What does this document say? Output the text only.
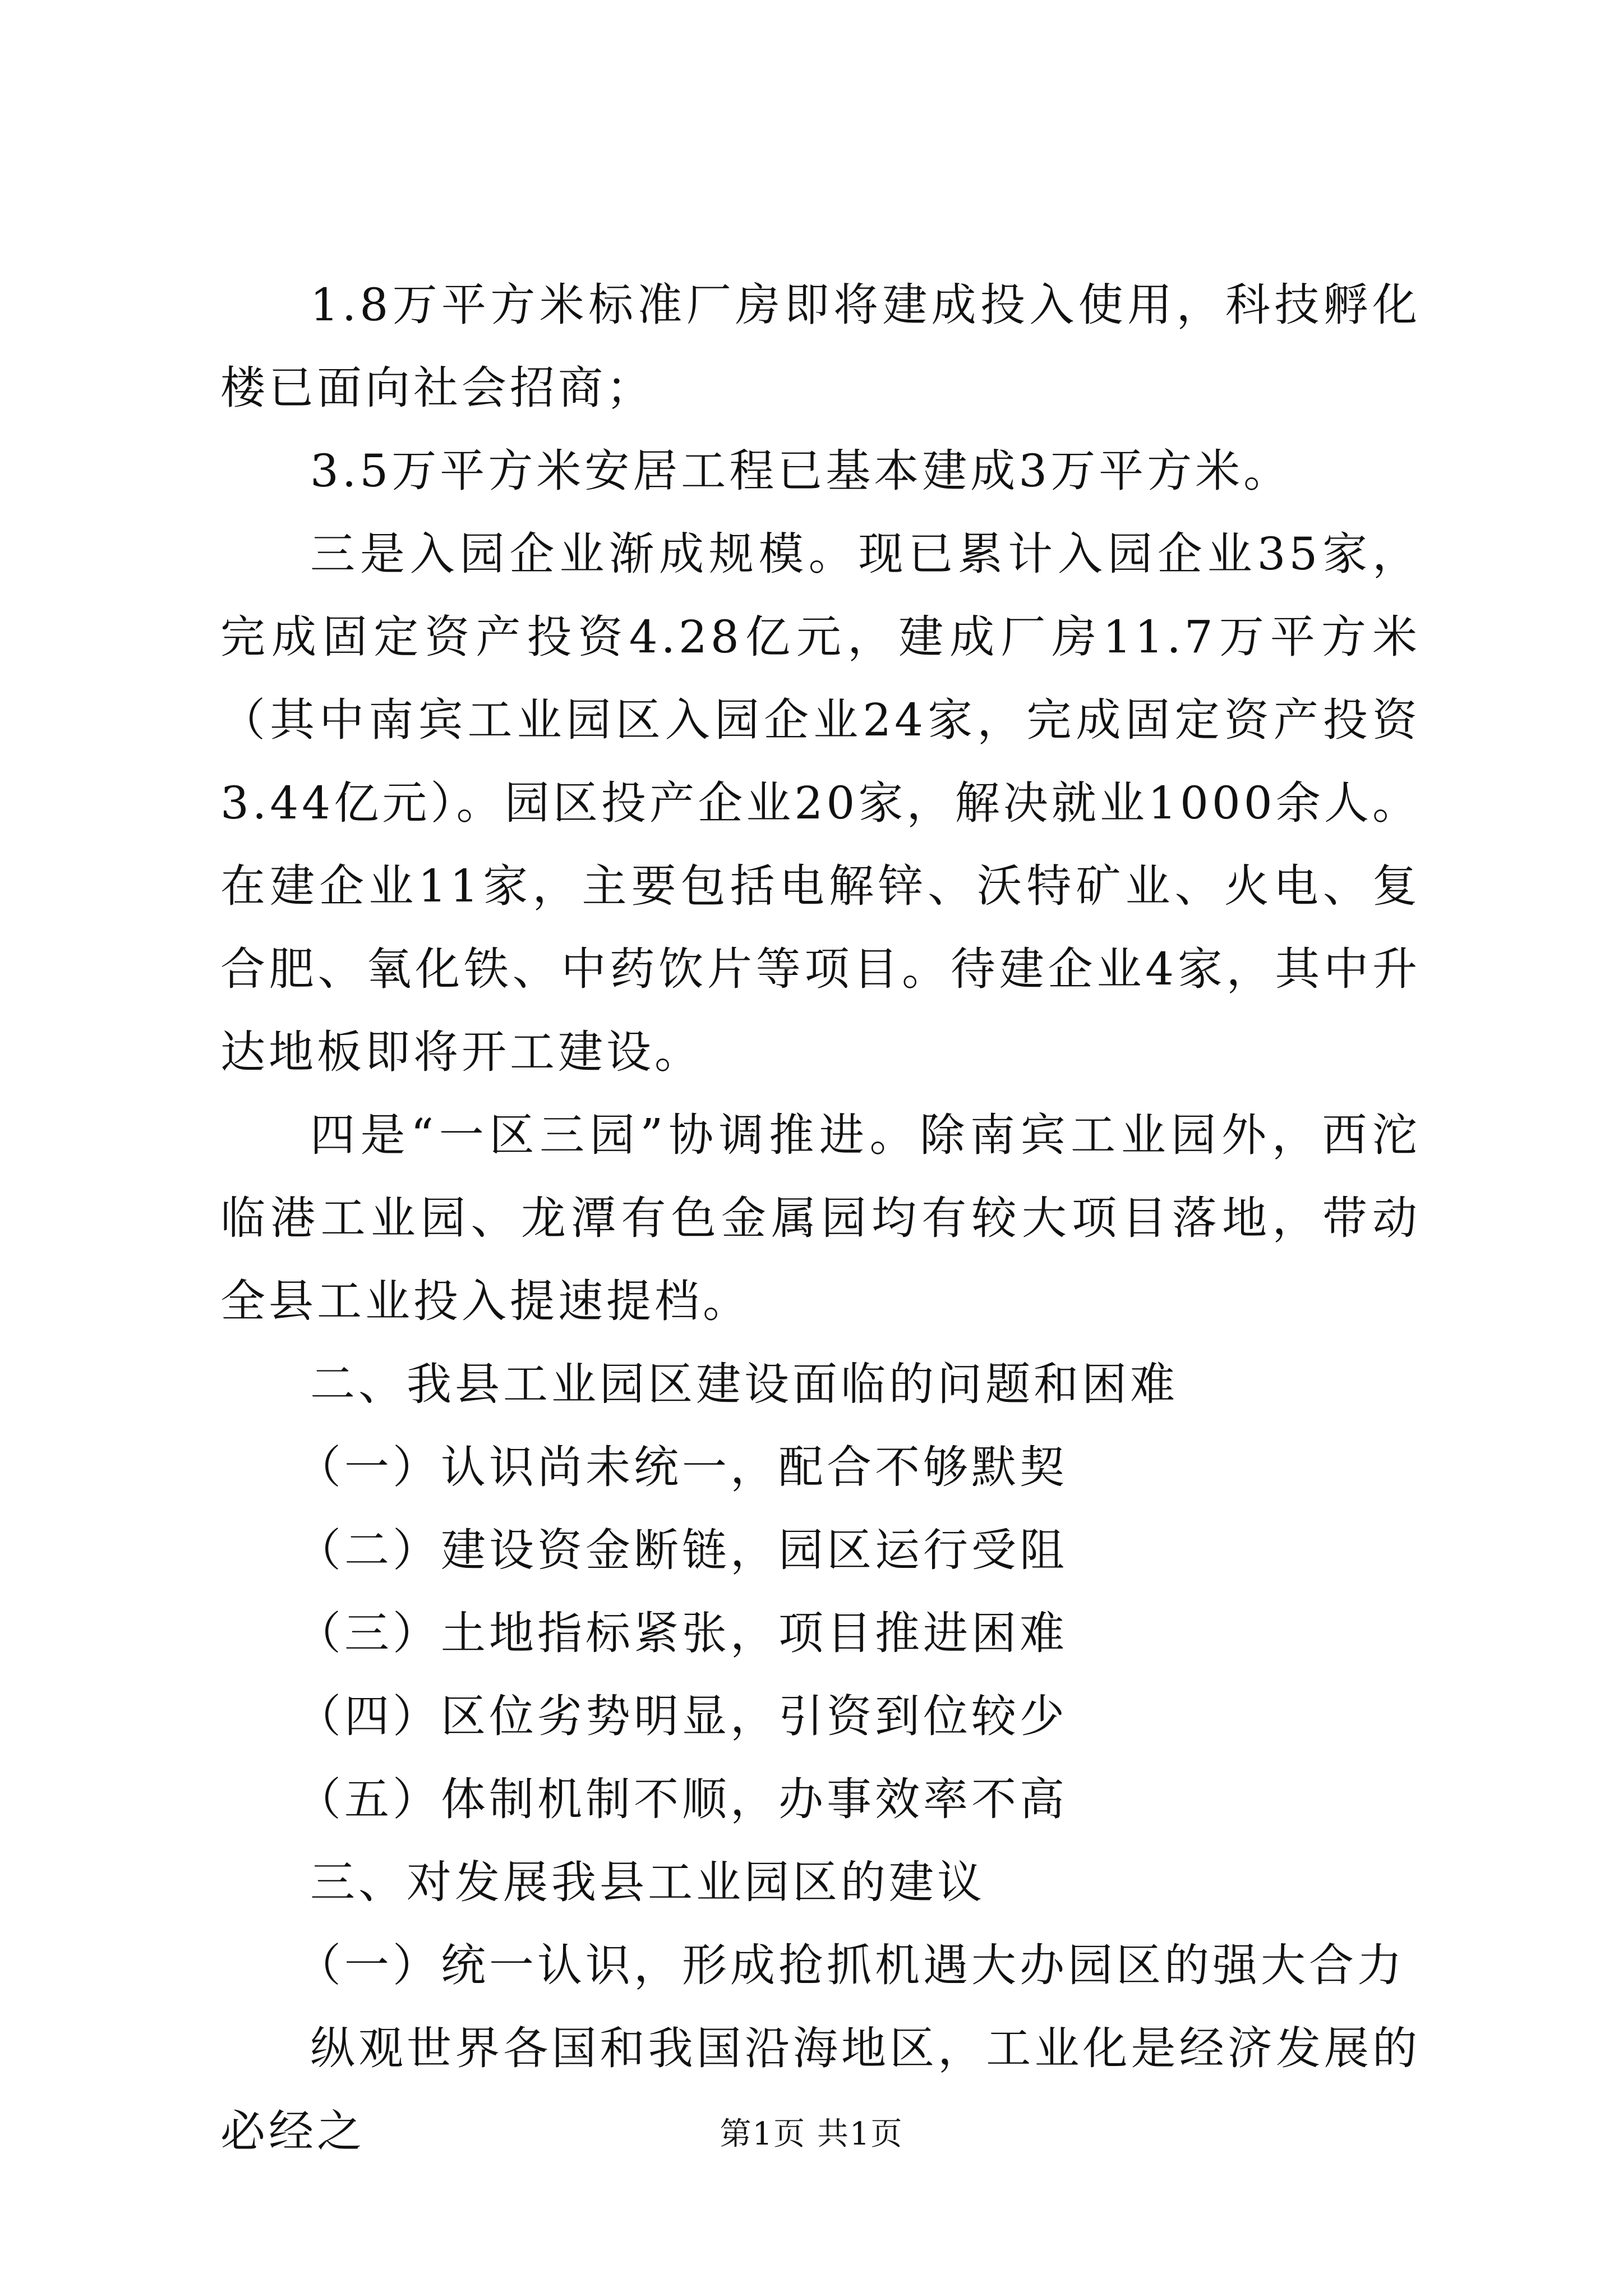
1.8万平方米标准厂房即将建成投入使用，科技孵化楼已面向社会招商；

3.5万平方米安居工程已基本建成3万平方米。

三是入园企业渐成规模。现已累计入园企业35家，完成固定资产投资4.28亿元，建成厂房11.7万平方米（其中南宾工业园区入园企业24家，完成固定资产投资3.44亿元）。园区投产企业20家，解决就业1000余人。在建企业11家，主要包括电解锌、沃特矿业、火电、复合肥、氧化铁、中药饮片等项目。待建企业4家，其中升达地板即将开工建设。

四是“一区三园”协调推进。除南宾工业园外，西沱临港工业园、龙潭有色金属园均有较大项目落地，带动全县工业投入提速提档。

二、我县工业园区建设面临的问题和困难

（一）认识尚未统一，配合不够默契

（二）建设资金断链，园区运行受阻

（三）土地指标紧张，项目推进困难

（四）区位劣势明显，引资到位较少

（五）体制机制不顺，办事效率不高

三、对发展我县工业园区的建议

（一）统一认识，形成抢抓机遇大办园区的强大合力

纵观世界各国和我国沿海地区，工业化是经济发展的必经之	第1页 共1页
